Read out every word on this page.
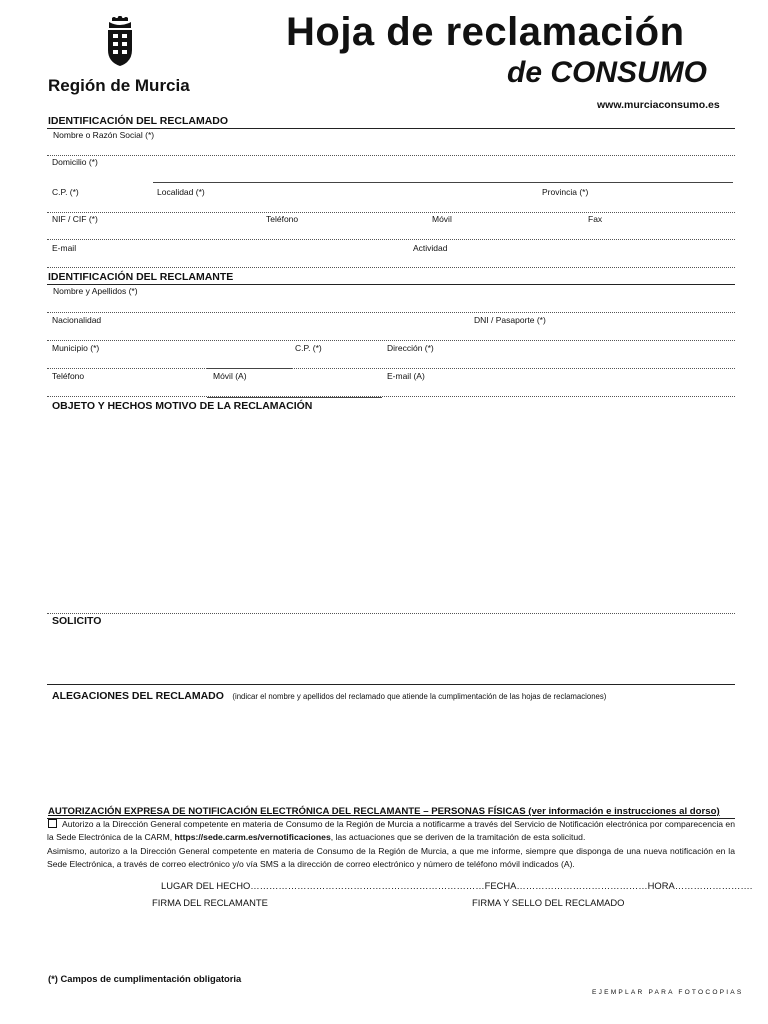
Región de Murcia
Hoja de reclamación
de CONSUMO
www.murciaconsumo.es
IDENTIFICACIÓN DEL RECLAMADO
Nombre o Razón Social (*)
Domicilio (*)
C.P. (*)	Localidad (*)	Provincia (*)
NIF / CIF (*)	Teléfono	Móvil	Fax
E-mail	Actividad
IDENTIFICACIÓN DEL RECLAMANTE
Nombre y Apellidos (*)
Nacionalidad	DNI / Pasaporte (*)
Municipio (*)	C.P. (*)	Dirección (*)
Teléfono	Móvil (A)	E-mail (A)
OBJETO Y HECHOS MOTIVO DE LA RECLAMACIÓN
SOLICITO
ALEGACIONES DEL RECLAMADO (indicar el nombre y apellidos del reclamado que atiende la cumplimentación de las hojas de reclamaciones)
AUTORIZACIÓN EXPRESA DE NOTIFICACIÓN ELECTRÓNICA DEL RECLAMANTE – PERSONAS FÍSICAS (ver información e instrucciones al dorso)
Autorizo a la Dirección General competente en materia de Consumo de la Región de Murcia a notificarme a través del Servicio de Notificación electrónica por comparecencia en la Sede Electrónica de la CARM, https://sede.carm.es/vernotificaciones, las actuaciones que se deriven de la tramitación de esta solicitud.
Asimismo, autorizo a la Dirección General competente en materia de Consumo de la Región de Murcia, a que me informe, siempre que disponga de una nueva notificación en la Sede Electrónica, a través de correo electrónico y/o vía SMS a la dirección de correo electrónico y número de teléfono móvil indicados (A).
LUGAR DEL HECHO…………………………………………………………………FECHA……………………………………HORA…………………….
FIRMA DEL RECLAMANTE	FIRMA Y SELLO DEL RECLAMADO
(*) Campos de cumplimentación obligatoria
EJEMPLAR PARA FOTOCOPIAS
